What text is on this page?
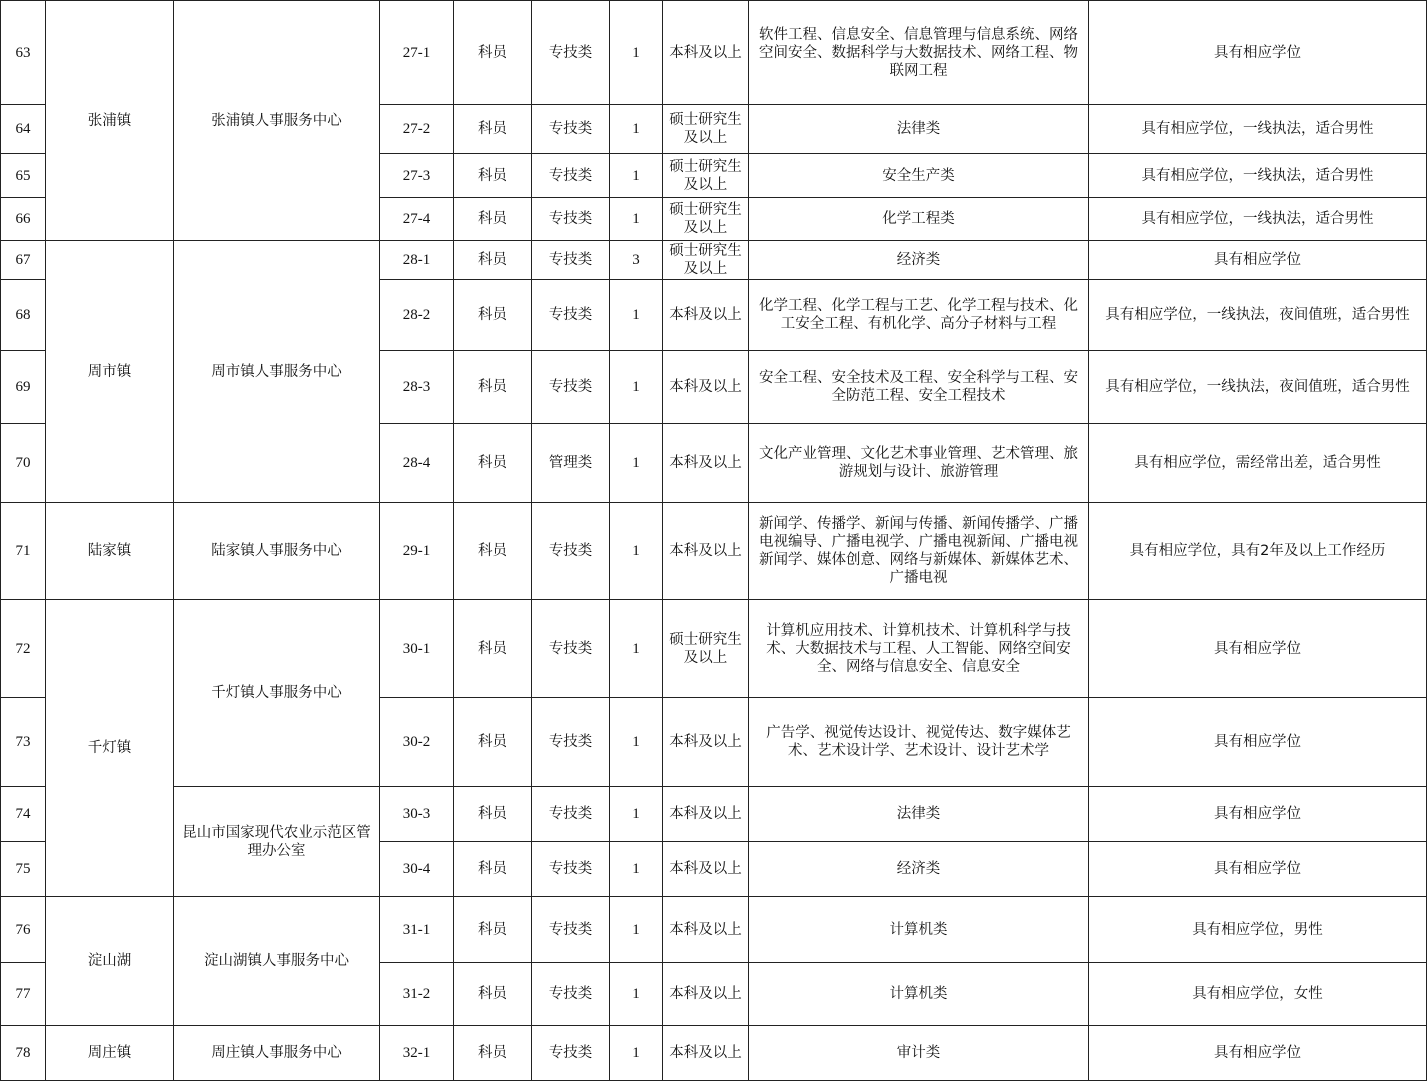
63	张浦镇	张浦镇人事服务中心	27-1	科员	专技类	1	本科及以上	软件工程、信息安全、信息管理与信息系统、网络空间安全、数据科学与大数据技术、网络工程、物联网工程	具有相应学位
64			27-2	科员	专技类	1	硕士研究生及以上	法律类	具有相应学位，一线执法，适合男性
65			27-3	科员	专技类	1	硕士研究生及以上	安全生产类	具有相应学位，一线执法，适合男性
66			27-4	科员	专技类	1	硕士研究生及以上	化学工程类	具有相应学位，一线执法，适合男性
67	周市镇	周市镇人事服务中心	28-1	科员	专技类	3	硕士研究生及以上	经济类	具有相应学位
68			28-2	科员	专技类	1	本科及以上	化学工程、化学工程与工艺、化学工程与技术、化工安全工程、有机化学、高分子材料与工程	具有相应学位，一线执法，夜间值班，适合男性
69			28-3	科员	专技类	1	本科及以上	安全工程、安全技术及工程、安全科学与工程、安全防范工程、安全工程技术	具有相应学位，一线执法，夜间值班，适合男性
70			28-4	科员	管理类	1	本科及以上	文化产业管理、文化艺术事业管理、艺术管理、旅游规划与设计、旅游管理	具有相应学位，需经常出差，适合男性
71	陆家镇	陆家镇人事服务中心	29-1	科员	专技类	1	本科及以上	新闻学、传播学、新闻与传播、新闻传播学、广播电视编导、广播电视学、广播电视新闻、广播电视新闻学、媒体创意、网络与新媒体、新媒体艺术、广播电视	具有相应学位，具有2年及以上工作经历
72	千灯镇	千灯镇人事服务中心	30-1	科员	专技类	1	硕士研究生及以上	计算机应用技术、计算机技术、计算机科学与技术、大数据技术与工程、人工智能、网络空间安全、网络与信息安全、信息安全	具有相应学位
73			30-2	科员	专技类	1	本科及以上	广告学、视觉传达设计、视觉传达、数字媒体艺术、艺术设计学、艺术设计、设计艺术学	具有相应学位
74		昆山市国家现代农业示范区管理办公室	30-3	科员	专技类	1	本科及以上	法律类	具有相应学位
75			30-4	科员	专技类	1	本科及以上	经济类	具有相应学位
76	淀山湖	淀山湖镇人事服务中心	31-1	科员	专技类	1	本科及以上	计算机类	具有相应学位，男性
77			31-2	科员	专技类	1	本科及以上	计算机类	具有相应学位，女性
78	周庄镇	周庄镇人事服务中心	32-1	科员	专技类	1	本科及以上	审计类	具有相应学位
